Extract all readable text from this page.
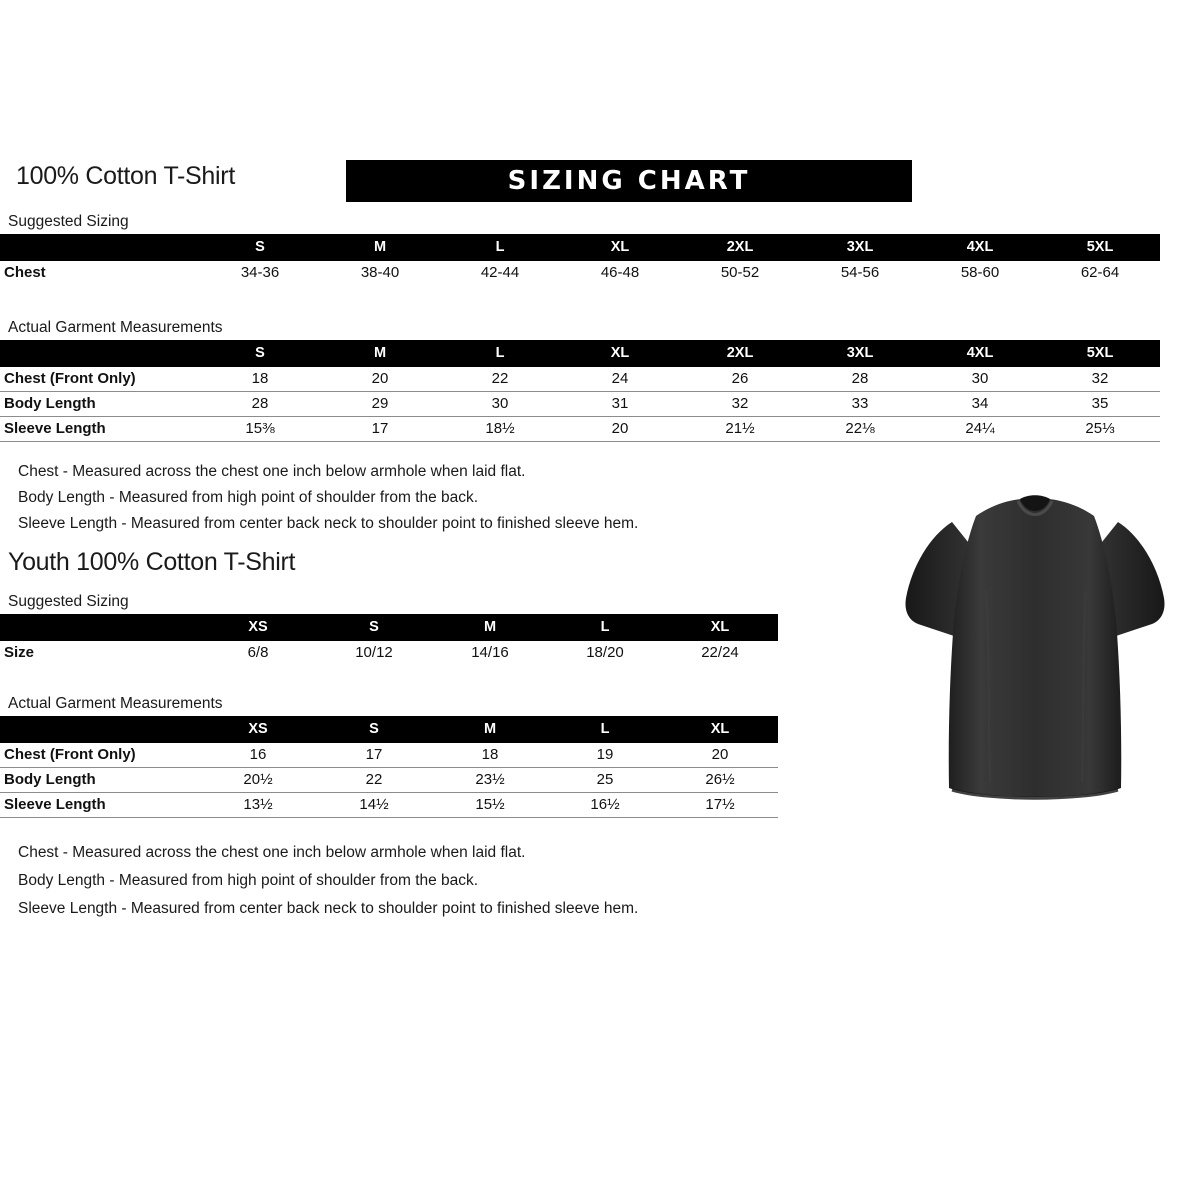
100% Cotton T-Shirt	SIZING CHART
Suggested Sizing
	S	M	L	XL	2XL	3XL	4XL	5XL
Chest	34-36	38-40	42-44	46-48	50-52	54-56	58-60	62-64
Actual Garment Measurements
	S	M	L	XL	2XL	3XL	4XL	5XL
Chest (Front Only)	18	20	22	24	26	28	30	32
Body Length	28	29	30	31	32	33	34	35
Sleeve Length	15⅜	17	18½	20	21½	22⅛	24¼	25⅓
Chest - Measured across the chest one inch below armhole when laid flat.
Body Length - Measured from high point of shoulder from the back.
Sleeve Length - Measured from center back neck to shoulder point to finished sleeve hem.
Youth 100% Cotton T-Shirt
Suggested Sizing
	XS	S	M	L	XL
Size	6/8	10/12	14/16	18/20	22/24
Actual Garment Measurements
	XS	S	M	L	XL
Chest (Front Only)	16	17	18	19	20
Body Length	20½	22	23½	25	26½
Sleeve Length	13½	14½	15½	16½	17½
Chest - Measured across the chest one inch below armhole when laid flat.
Body Length - Measured from high point of shoulder from the back.
Sleeve Length - Measured from center back neck to shoulder point to finished sleeve hem.
